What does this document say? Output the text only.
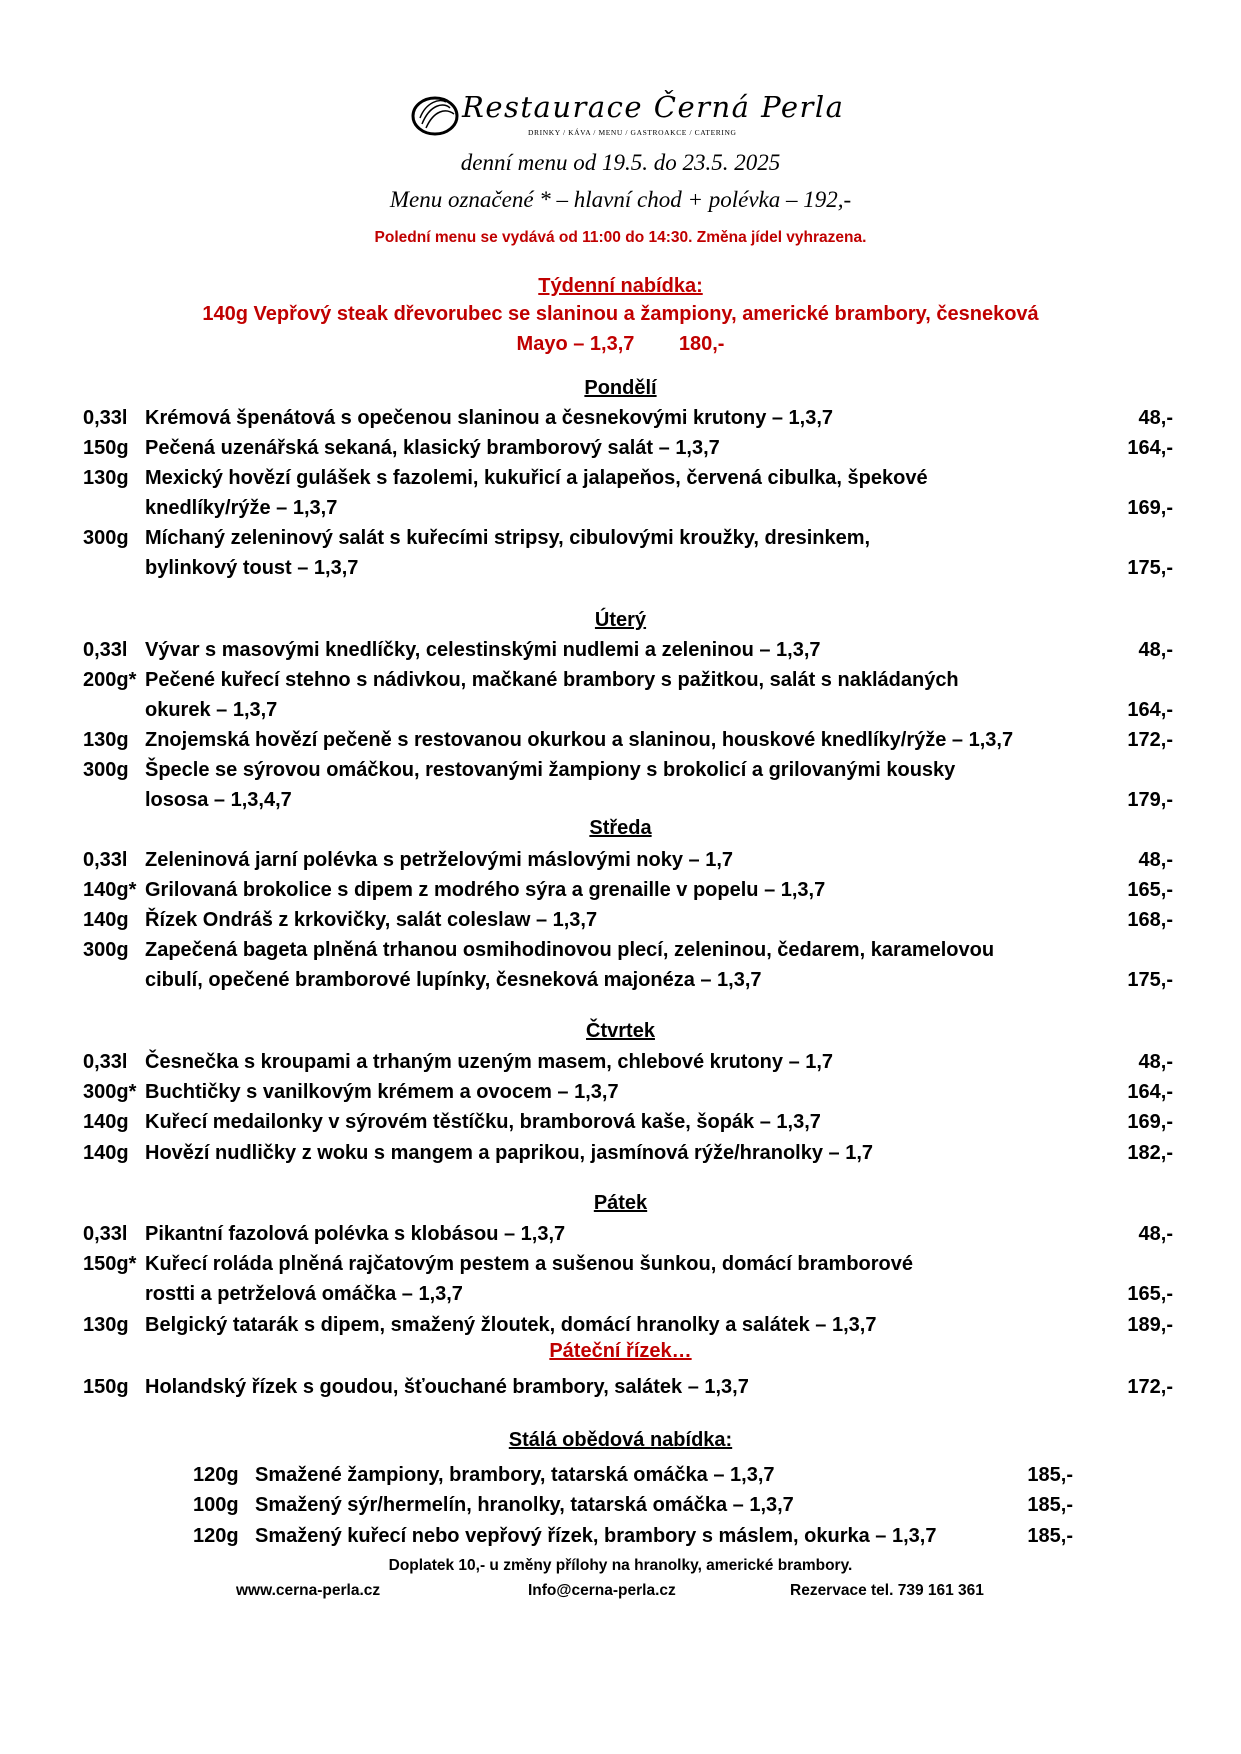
Restaurace Černá Perla
DRINKY / KÁVA / MENU / GASTROAKCE / CATERING
denní menu od 19.5. do 23.5. 2025
Menu označené * – hlavní chod + polévka – 192,-
Polední menu se vydává od 11:00 do 14:30. Změna jídel vyhrazena.
Týdenní nabídka:
140g Vepřový steak dřevorubec se slaninou a žampiony, americké brambory, česneková
Mayo – 1,3,7        180,-
Pondělí
0,33l Krémová špenátová s opečenou slaninou a česnekovými krutony – 1,3,7	48,-
150g Pečená uzenářská sekaná, klasický bramborový salát – 1,3,7	164,-
130g Mexický hovězí gulášek s fazolemi, kukuřicí a jalapeňos, červená cibulka, špekové
knedlíky/rýže – 1,3,7	169,-
300g Míchaný zeleninový salát s kuřecími stripsy, cibulovými kroužky, dresinkem,
bylinkový toust – 1,3,7	175,-
Úterý
0,33l Vývar s masovými knedlíčky, celestinskými nudlemi a zeleninou – 1,3,7	48,-
200g* Pečené kuřecí stehno s nádivkou, mačkané brambory s pažitkou, salát s nakládaných
okurek – 1,3,7	164,-
130g Znojemská hovězí pečeně s restovanou okurkou a slaninou, houskové knedlíky/rýže – 1,3,7	172,-
300g Špecle se sýrovou omáčkou, restovanými žampiony s brokolicí a grilovanými kousky
lososa – 1,3,4,7	179,-
Středa
0,33l Zeleninová jarní polévka s petrželovými máslovými noky – 1,7	48,-
140g* Grilovaná brokolice s dipem z modrého sýra a grenaille v popelu – 1,3,7	165,-
140g Řízek Ondráš z krkovičky, salát coleslaw – 1,3,7	168,-
300g Zapečená bageta plněná trhanou osmihodinovou plecí, zeleninou, čedarem, karamelovou
cibulí, opečené bramborové lupínky, česneková majonéza – 1,3,7	175,-
Čtvrtek
0,33l Česnečka s kroupami a trhaným uzeným masem, chlebové krutony – 1,7	48,-
300g* Buchtičky s vanilkovým krémem a ovocem – 1,3,7	164,-
140g Kuřecí medailonky v sýrovém těstíčku, bramborová kaše, šopák – 1,3,7	169,-
140g Hovězí nudličky z woku s mangem a paprikou, jasmínová rýže/hranolky – 1,7	182,-
Pátek
0,33l Pikantní fazolová polévka s klobásou – 1,3,7	48,-
150g* Kuřecí roláda plněná rajčatovým pestem a sušenou šunkou, domácí bramborové
rostti a petrželová omáčka – 1,3,7	165,-
130g Belgický tatarák s dipem, smažený žloutek, domácí hranolky a salátek – 1,3,7	189,-
Páteční řízek…
150g Holandský řízek s goudou, šťouchané brambory, salátek – 1,3,7	172,-
Stálá obědová nabídka:
120g Smažené žampiony, brambory, tatarská omáčka – 1,3,7	185,-
100g Smažený sýr/hermelín, hranolky, tatarská omáčka – 1,3,7	185,-
120g Smažený kuřecí nebo vepřový řízek, brambory s máslem, okurka – 1,3,7	185,-
Doplatek 10,- u změny přílohy na hranolky, americké brambory.
www.cerna-perla.cz	Info@cerna-perla.cz	Rezervace tel. 739 161 361
